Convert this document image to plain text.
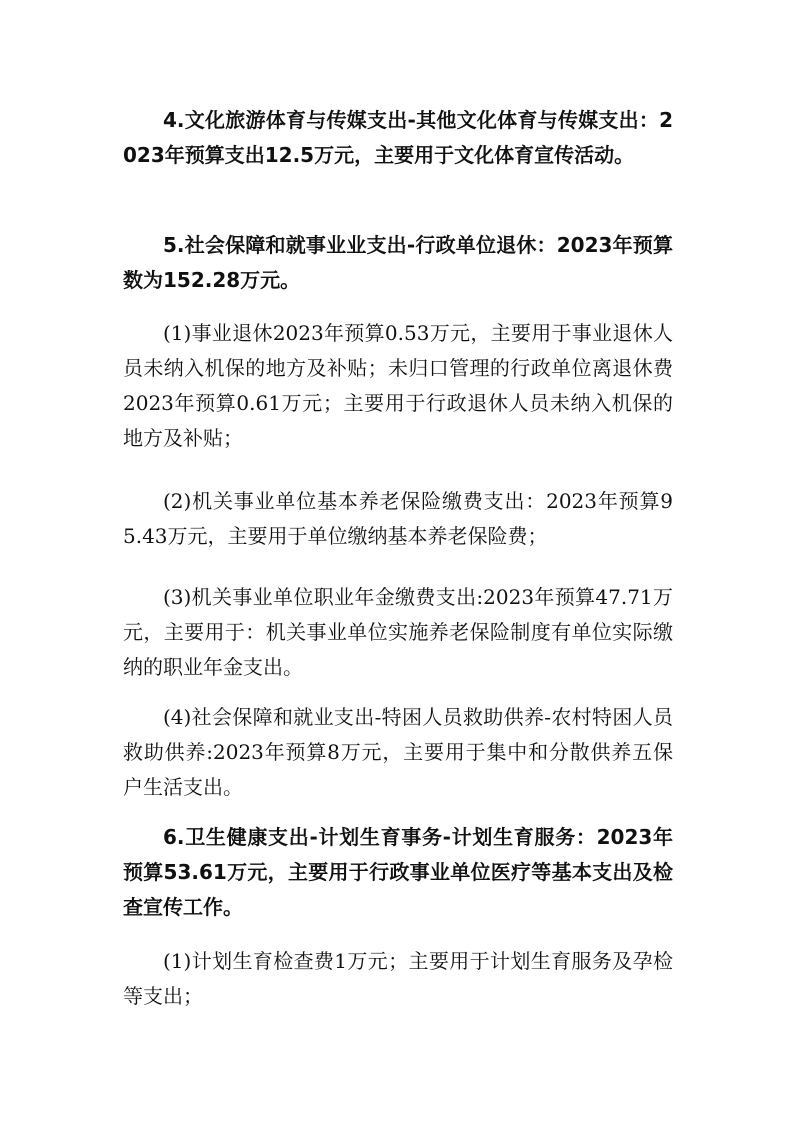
4.文化旅游体育与传媒支出-其他文化体育与传媒支出：2023年预算支出12.5万元，主要用于文化体育宣传活动。

5.社会保障和就事业业支出-行政单位退休：2023年预算数为152.28万元。

(1)事业退休2023年预算0.53万元，主要用于事业退休人员未纳入机保的地方及补贴；未归口管理的行政单位离退休费2023年预算0.61万元；主要用于行政退休人员未纳入机保的地方及补贴；

(2)机关事业单位基本养老保险缴费支出：2023年预算95.43万元，主要用于单位缴纳基本养老保险费；

(3)机关事业单位职业年金缴费支出:2023年预算47.71万元，主要用于：机关事业单位实施养老保险制度有单位实际缴纳的职业年金支出。

(4)社会保障和就业支出-特困人员救助供养-农村特困人员救助供养:2023年预算8万元，主要用于集中和分散供养五保户生活支出。

6.卫生健康支出-计划生育事务-计划生育服务：2023年预算53.61万元，主要用于行政事业单位医疗等基本支出及检查宣传工作。

(1)计划生育检查费1万元；主要用于计划生育服务及孕检等支出；
